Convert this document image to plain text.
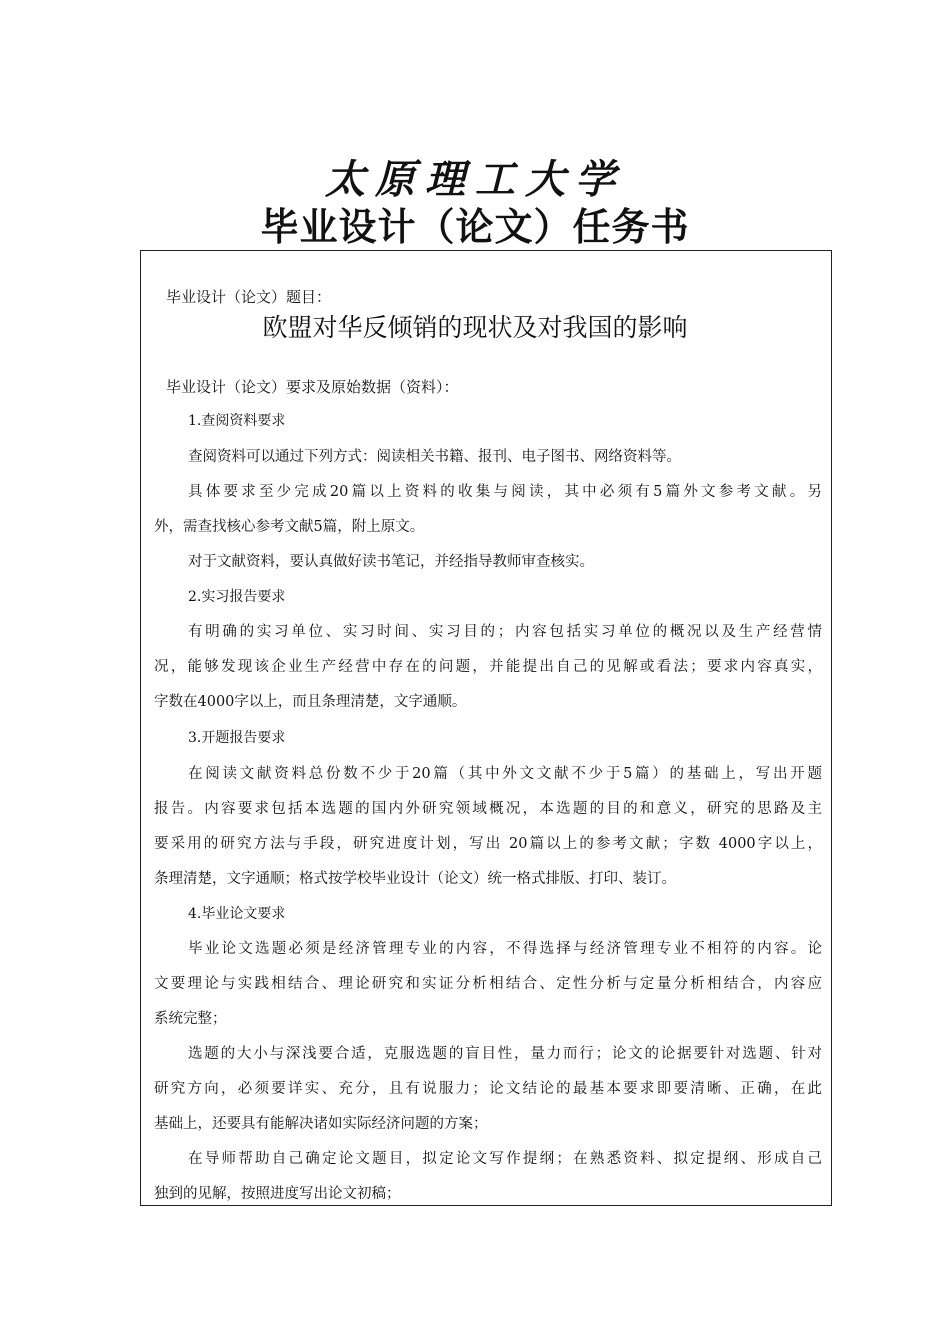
太原理工大学
毕业设计（论文）任务书
毕业设计（论文）题目：
欧盟对华反倾销的现状及对我国的影响
毕业设计（论文）要求及原始数据（资料）：
1.查阅资料要求
查阅资料可以通过下列方式：阅读相关书籍、报刊、电子图书、网络资料等。
具体要求至少完成20篇以上资料的收集与阅读，其中必须有5篇外文参考文献。另
外，需查找核心参考文献5篇，附上原文。
对于文献资料，要认真做好读书笔记，并经指导教师审查核实。
2.实习报告要求
有明确的实习单位、实习时间、实习目的；内容包括实习单位的概况以及生产经营情
况，能够发现该企业生产经营中存在的问题，并能提出自己的见解或看法；要求内容真实，
字数在4000字以上，而且条理清楚，文字通顺。
3.开题报告要求
在阅读文献资料总份数不少于20篇（其中外文文献不少于5篇）的基础上，写出开题
报告。内容要求包括本选题的国内外研究领域概况，本选题的目的和意义，研究的思路及主
要采用的研究方法与手段，研究进度计划，写出 20篇以上的参考文献；字数 4000字以上，
条理清楚，文字通顺；格式按学校毕业设计（论文）统一格式排版、打印、装订。
4.毕业论文要求
毕业论文选题必须是经济管理专业的内容，不得选择与经济管理专业不相符的内容。论
文要理论与实践相结合、理论研究和实证分析相结合、定性分析与定量分析相结合，内容应
系统完整；
选题的大小与深浅要合适，克服选题的盲目性，量力而行；论文的论据要针对选题、针对
研究方向，必须要详实、充分，且有说服力；论文结论的最基本要求即要清晰、正确，在此
基础上，还要具有能解决诸如实际经济问题的方案；
在导师帮助自己确定论文题目，拟定论文写作提纲；在熟悉资料、拟定提纲、形成自己
独到的见解，按照进度写出论文初稿；
